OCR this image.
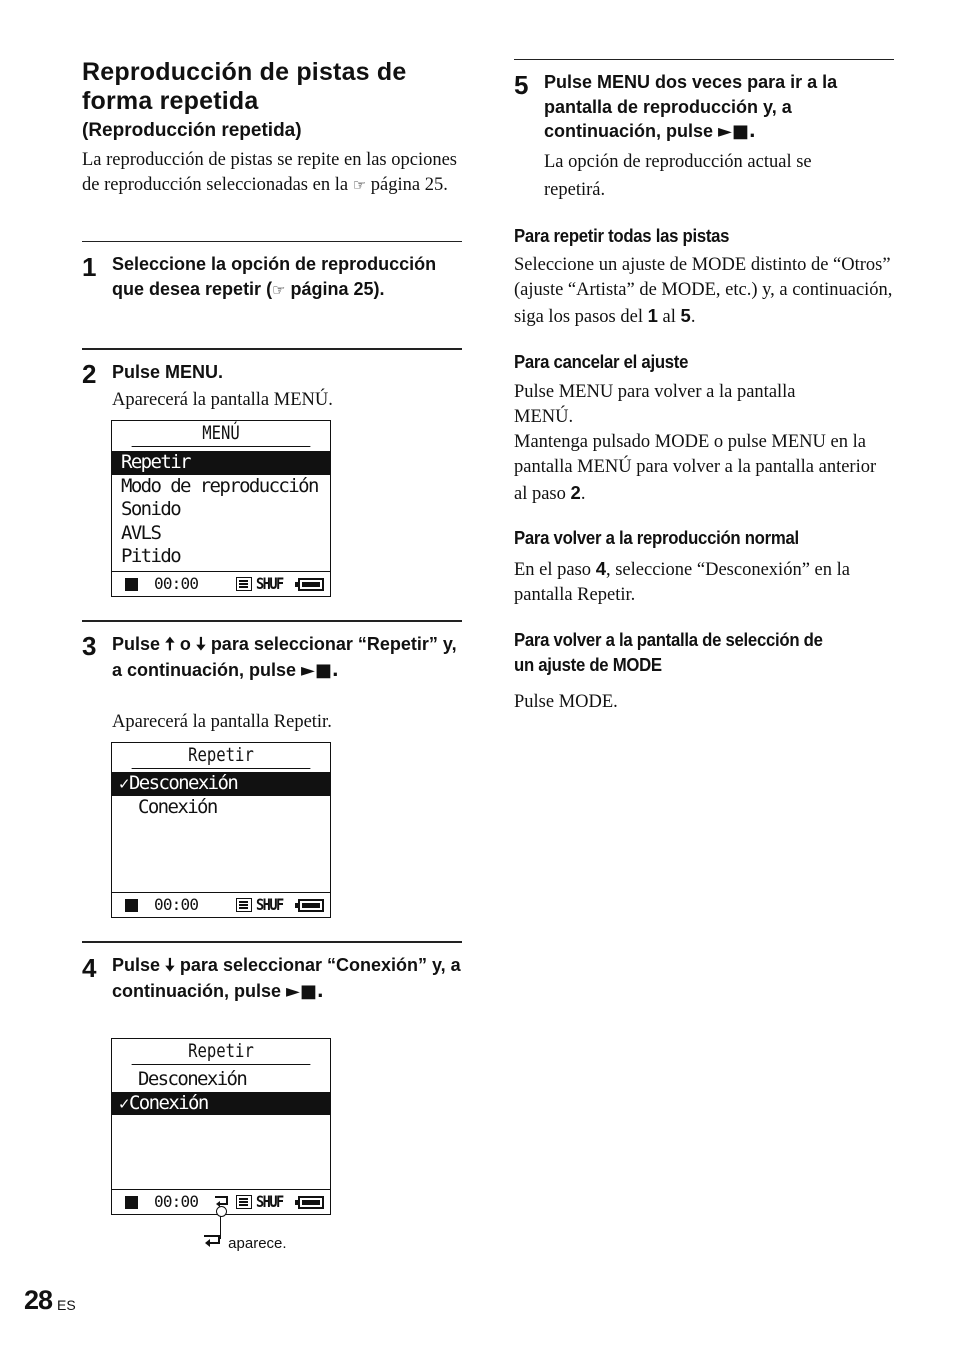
Reproducción de pistas de forma repetida
(Reproducción repetida)
La reproducción de pistas se repite en las opciones de reproducción seleccionadas en la ☞ página 25.
1 Seleccione la opción de reproducción que desea repetir (☞ página 25).
2 Pulse MENU.
Aparecerá la pantalla MENÚ.
MENÚ
Repetir
Modo de reproducción
Sonido
AVLS
Pitido
00:00	SHUF
3 Pulse 🠅 o 🠇 para seleccionar “Repetir” y, a continuación, pulse ►■.
Aparecerá la pantalla Repetir.
Repetir
✓Desconexión
Conexión
00:00	SHUF
4 Pulse 🠇 para seleccionar “Conexión” y, a continuación, pulse ►■.
Repetir
Desconexión
✓Conexión
00:00	SHUF
aparece.
28 ES
5 Pulse MENU dos veces para ir a la pantalla de reproducción y, a continuación, pulse ►■.
La opción de reproducción actual se repetirá.
Para repetir todas las pistas
Seleccione un ajuste de MODE distinto de “Otros” (ajuste “Artista” de MODE, etc.) y, a continuación, siga los pasos del 1 al 5.
Para cancelar el ajuste
Pulse MENU para volver a la pantalla MENÚ.
Mantenga pulsado MODE o pulse MENU en la pantalla MENÚ para volver a la pantalla anterior al paso 2.
Para volver a la reproducción normal
En el paso 4, seleccione “Desconexión” en la pantalla Repetir.
Para volver a la pantalla de selección de
un ajuste de MODE
Pulse MODE.
